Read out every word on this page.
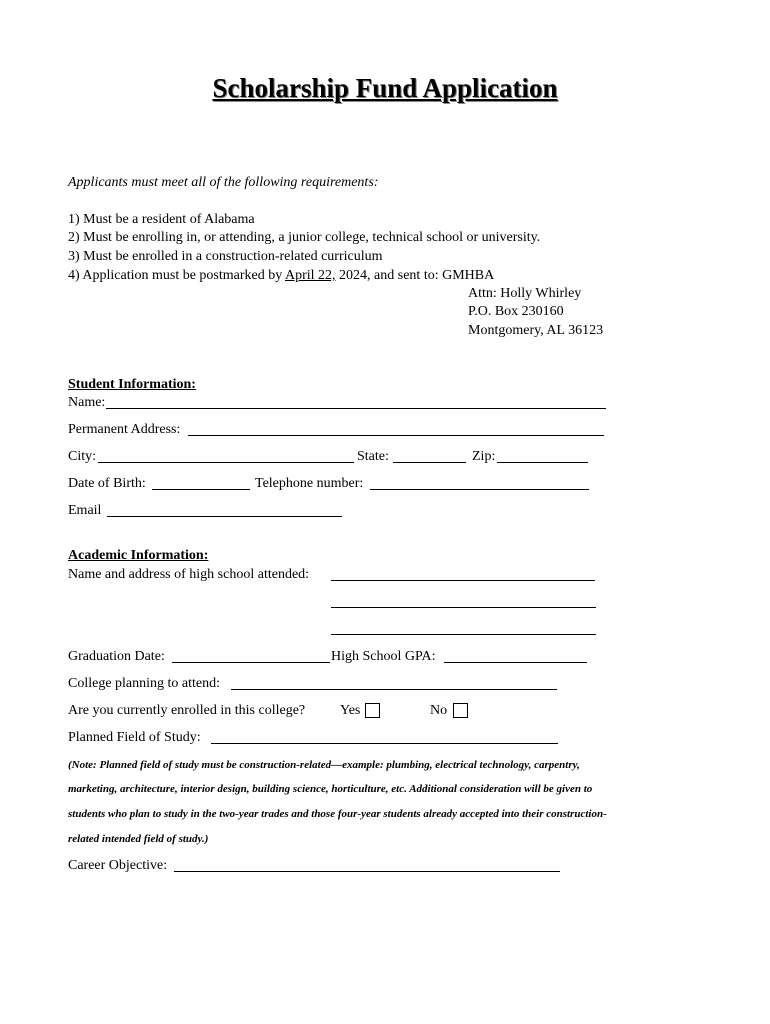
Scholarship Fund Application
Applicants must meet all of the following requirements:
1) Must be a resident of Alabama
2) Must be enrolling in, or attending, a junior college, technical school or university.
3) Must be enrolled in a construction-related curriculum
4) Application must be postmarked by April 22, 2024, and sent to: GMHBA
Attn: Holly Whirley
P.O. Box 230160
Montgomery, AL 36123
Student Information:
Name:
Permanent Address:
City:	State:	Zip:
Date of Birth:	Telephone number:
Email
Academic Information:
Name and address of high school attended:
Graduation Date:	High School GPA:
College planning to attend:
Are you currently enrolled in this college? Yes	No
Planned Field of Study:
(Note: Planned field of study must be construction-related—example: plumbing, electrical technology, carpentry,
marketing, architecture, interior design, building science, horticulture, etc. Additional consideration will be given to
students who plan to study in the two-year trades and those four-year students already accepted into their construction-
related intended field of study.)
Career Objective:
